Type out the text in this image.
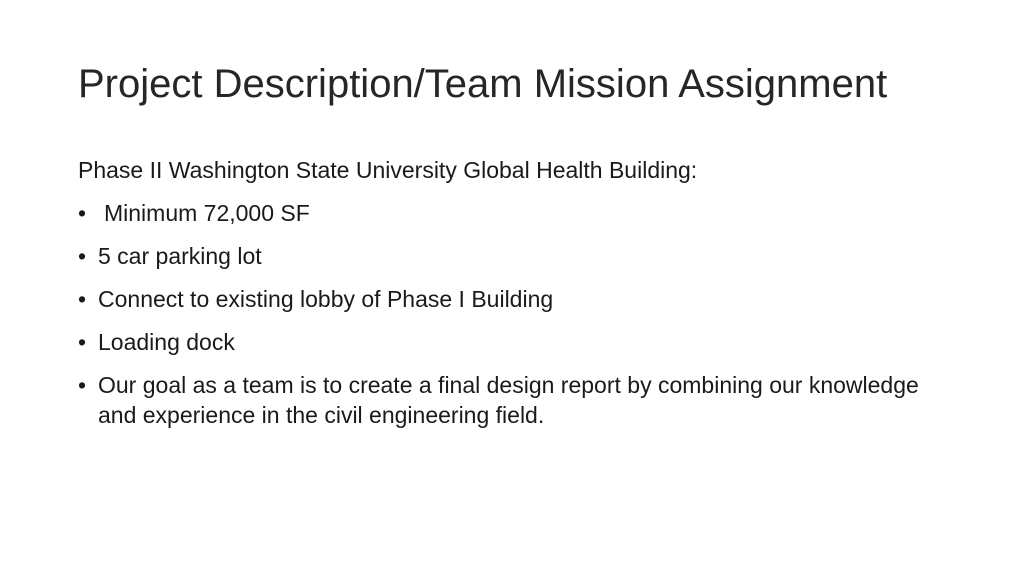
Project Description/Team Mission Assignment

Phase II Washington State University Global Health Building:

• Minimum 72,000 SF
• 5 car parking lot
• Connect to existing lobby of Phase I Building
• Loading dock
• Our goal as a team is to create a final design report by combining our knowledge and experience in the civil engineering field.
